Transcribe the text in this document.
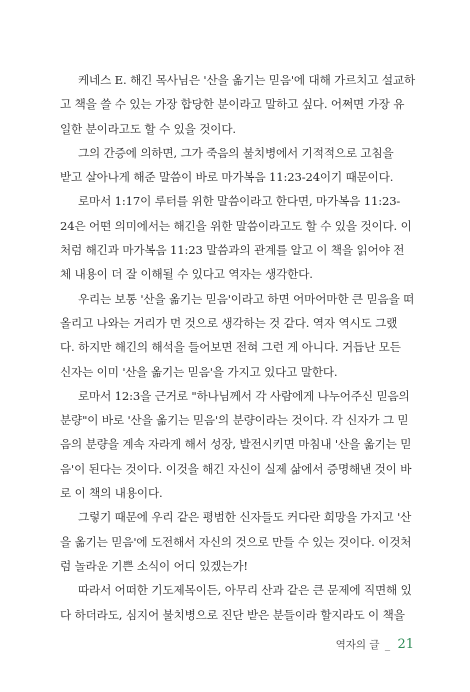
케네스 E. 해긴 목사님은 '산을 옮기는 믿음'에 대해 가르치고 설교하
고 책을 쓸 수 있는 가장 합당한 분이라고 말하고 싶다. 어쩌면 가장 유
일한 분이라고도 할 수 있을 것이다.
그의 간증에 의하면, 그가 죽음의 불치병에서 기적적으로 고침을
받고 살아나게 해준 말씀이 바로 마가복음 11:23-24이기 때문이다.
로마서 1:17이 루터를 위한 말씀이라고 한다면, 마가복음 11:23-
24은 어떤 의미에서는 해긴을 위한 말씀이라고도 할 수 있을 것이다. 이
처럼 해긴과 마가복음 11:23 말씀과의 관계를 알고 이 책을 읽어야 전
체 내용이 더 잘 이해될 수 있다고 역자는 생각한다.
우리는 보통 '산을 옮기는 믿음'이라고 하면 어마어마한 큰 믿음을 떠
올리고 나와는 거리가 먼 것으로 생각하는 것 같다. 역자 역시도 그랬
다. 하지만 해긴의 해석을 들어보면 전혀 그런 게 아니다. 거듭난 모든
신자는 이미 '산을 옮기는 믿음'을 가지고 있다고 말한다.
로마서 12:3을 근거로 "하나님께서 각 사람에게 나누어주신 믿음의
분량"이 바로 '산을 옮기는 믿음'의 분량이라는 것이다. 각 신자가 그 믿
음의 분량을 계속 자라게 해서 성장, 발전시키면 마침내 '산을 옮기는 믿
음'이 된다는 것이다. 이것을 해긴 자신이 실제 삶에서 증명해낸 것이 바
로 이 책의 내용이다.
그렇기 때문에 우리 같은 평범한 신자들도 커다란 희망을 가지고 '산
을 옮기는 믿음'에 도전해서 자신의 것으로 만들 수 있는 것이다. 이것처
럼 놀라운 기쁜 소식이 어디 있겠는가!
따라서 어떠한 기도제목이든, 아무리 산과 같은 큰 문제에 직면해 있
다 하더라도, 심지어 불치병으로 진단 받은 분들이라 할지라도 이 책을
역자의 글 _ 21
